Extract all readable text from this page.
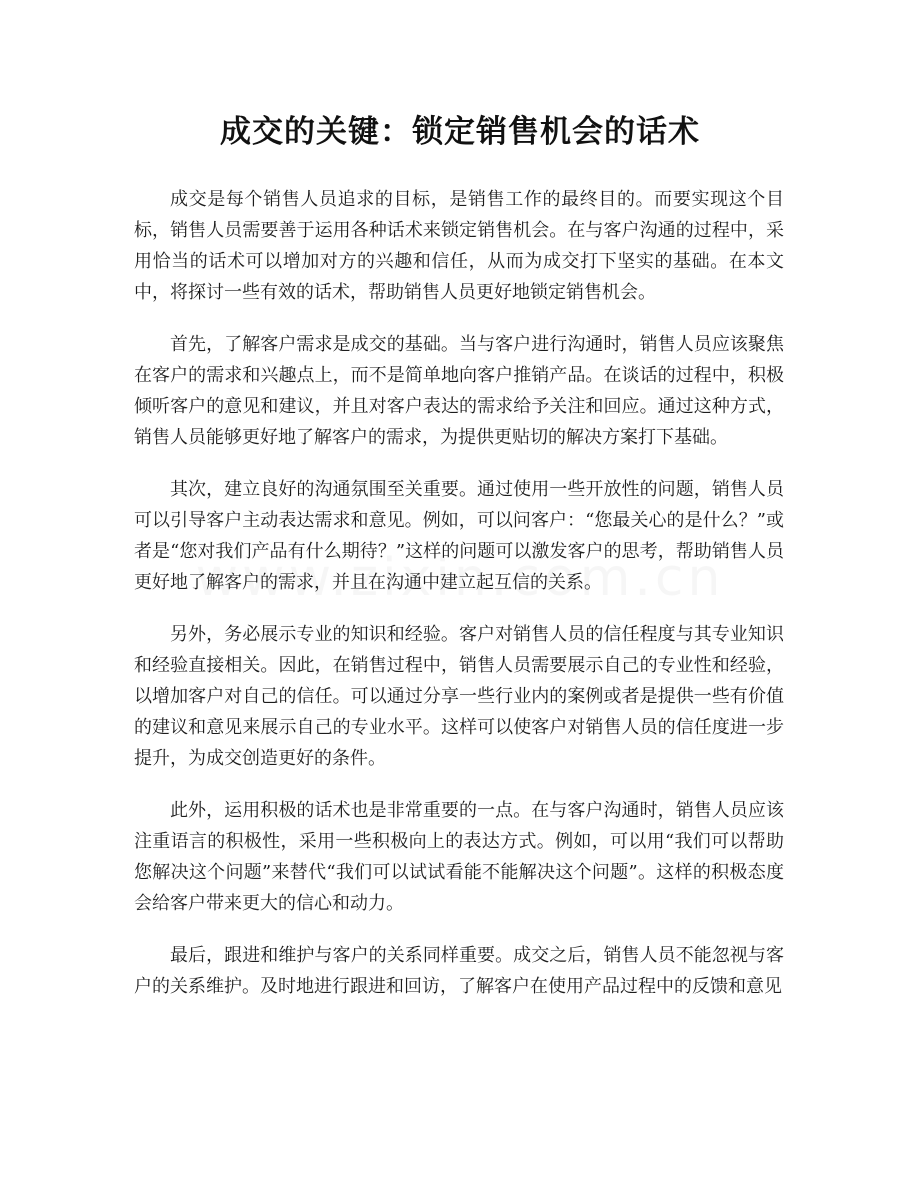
成交的关键：锁定销售机会的话术

成交是每个销售人员追求的目标，是销售工作的最终目的。而要实现这个目标，销售人员需要善于运用各种话术来锁定销售机会。在与客户沟通的过程中，采用恰当的话术可以增加对方的兴趣和信任，从而为成交打下坚实的基础。在本文中，将探讨一些有效的话术，帮助销售人员更好地锁定销售机会。

首先，了解客户需求是成交的基础。当与客户进行沟通时，销售人员应该聚焦在客户的需求和兴趣点上，而不是简单地向客户推销产品。在谈话的过程中，积极倾听客户的意见和建议，并且对客户表达的需求给予关注和回应。通过这种方式，销售人员能够更好地了解客户的需求，为提供更贴切的解决方案打下基础。

其次，建立良好的沟通氛围至关重要。通过使用一些开放性的问题，销售人员可以引导客户主动表达需求和意见。例如，可以问客户：“您最关心的是什么？”或者是“您对我们产品有什么期待？”这样的问题可以激发客户的思考，帮助销售人员更好地了解客户的需求，并且在沟通中建立起互信的关系。

另外，务必展示专业的知识和经验。客户对销售人员的信任程度与其专业知识和经验直接相关。因此，在销售过程中，销售人员需要展示自己的专业性和经验，以增加客户对自己的信任。可以通过分享一些行业内的案例或者是提供一些有价值的建议和意见来展示自己的专业水平。这样可以使客户对销售人员的信任度进一步提升，为成交创造更好的条件。

此外，运用积极的话术也是非常重要的一点。在与客户沟通时，销售人员应该注重语言的积极性，采用一些积极向上的表达方式。例如，可以用“我们可以帮助您解决这个问题”来替代“我们可以试试看能不能解决这个问题”。这样的积极态度会给客户带来更大的信心和动力。

最后，跟进和维护与客户的关系同样重要。成交之后，销售人员不能忽视与客户的关系维护。及时地进行跟进和回访，了解客户在使用产品过程中的反馈和意见
